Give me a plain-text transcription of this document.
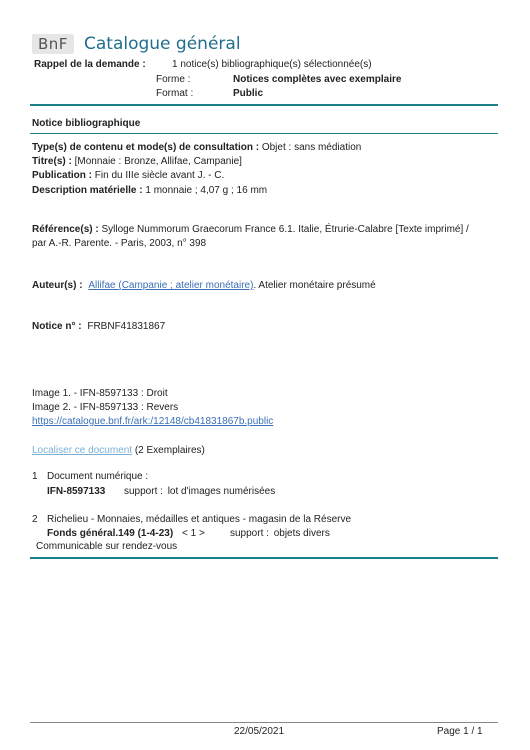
BnF Catalogue général
Rappel de la demande :	1 notice(s) bibliographique(s) sélectionnée(s)
Forme :	Notices complètes avec exemplaire
Format :	Public
Notice bibliographique
Type(s) de contenu et mode(s) de consultation : Objet : sans médiation
Titre(s) : [Monnaie : Bronze, Allifae, Campanie]
Publication : Fin du IIIe siècle avant J. - C.
Description matérielle : 1 monnaie ; 4,07 g ; 16 mm
Référence(s) : Sylloge Nummorum Graecorum France 6.1. Italie, Étrurie-Calabre [Texte imprimé] /
par A.-R. Parente. - Paris, 2003, n° 398
Auteur(s) : Allifae (Campanie ; atelier monétaire). Atelier monétaire présumé
Notice n° : FRBNF41831867
Image 1. - IFN-8597133 : Droit
Image 2. - IFN-8597133 : Revers
https://catalogue.bnf.fr/ark:/12148/cb41831867b.public
Localiser ce document (2 Exemplaires)
1 Document numérique :
IFN-8597133 support : lot d'images numérisées
2 Richelieu - Monnaies, médailles et antiques - magasin de la Réserve
Fonds général.149 (1-4-23) < 1 >	support : objets divers
Communicable sur rendez-vous
22/05/2021	Page 1 / 1
